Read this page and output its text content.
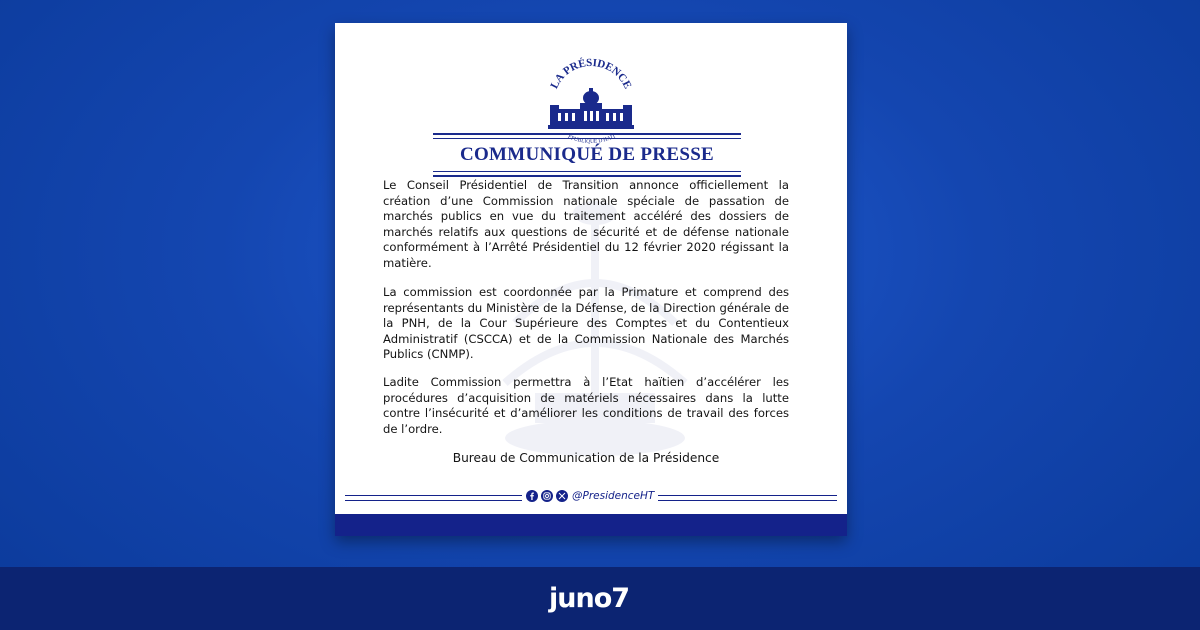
LA PRÉSIDENCE
ÉPUBLIQUE D'HAÏT
COMMUNIQUÉ DE PRESSE

Le Conseil Présidentiel de Transition annonce officiellement la création d’une Commission nationale spéciale de passation de marchés publics en vue du traitement accéléré des dossiers de marchés relatifs aux questions de sécurité et de défense nationale conformément à l’Arrêté Présidentiel du 12 février 2020 régissant la matière.

La commission est coordonnée par la Primature et comprend des représentants du Ministère de la Défense, de la Direction générale de la PNH, de la Cour Supérieure des Comptes et du Contentieux Administratif (CSCCA) et de la Commission Nationale des Marchés Publics (CNMP).

Ladite Commission permettra à l’Etat haïtien d’accélérer les procédures d’acquisition de matériels nécessaires dans la lutte contre l’insécurité et d’améliorer les conditions de travail des forces de l’ordre.

Bureau de Communication de la Présidence
@PresidenceHT
juno7
